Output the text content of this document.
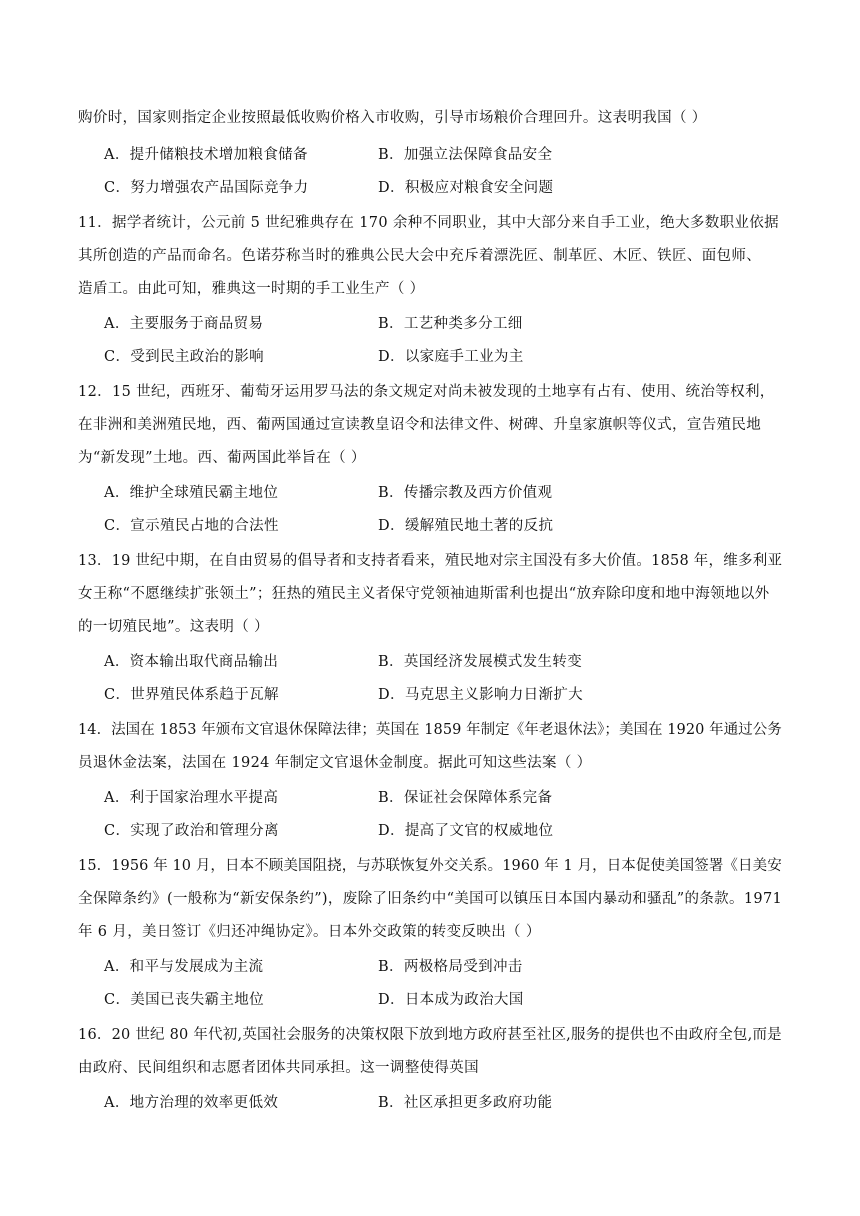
购价时，国家则指定企业按照最低收购价格入市收购，引导市场粮价合理回升。这表明我国（ ）
A．提升储粮技术增加粮食储备	B．加强立法保障食品安全
C．努力增强农产品国际竞争力	D．积极应对粮食安全问题
11．据学者统计，公元前 5 世纪雅典存在 170 余种不同职业，其中大部分来自手工业，绝大多数职业依据
其所创造的产品而命名。色诺芬称当时的雅典公民大会中充斥着漂洗匠、制革匠、木匠、铁匠、面包师、
造盾工。由此可知，雅典这一时期的手工业生产（ ）
A．主要服务于商品贸易	B．工艺种类多分工细
C．受到民主政治的影响	D．以家庭手工业为主
12．15 世纪，西班牙、葡萄牙运用罗马法的条文规定对尚未被发现的土地享有占有、使用、统治等权利，
在非洲和美洲殖民地，西、葡两国通过宣读教皇诏令和法律文件、树碑、升皇家旗帜等仪式，宣告殖民地
为“新发现”土地。西、葡两国此举旨在（ ）
A．维护全球殖民霸主地位	B．传播宗教及西方价值观
C．宣示殖民占地的合法性	D．缓解殖民地土著的反抗
13．19 世纪中期，在自由贸易的倡导者和支持者看来，殖民地对宗主国没有多大价值。1858 年，维多利亚
女王称“不愿继续扩张领土”；狂热的殖民主义者保守党领袖迪斯雷利也提出“放弃除印度和地中海领地以外
的一切殖民地”。这表明（ ）
A．资本输出取代商品输出	B．英国经济发展模式发生转变
C．世界殖民体系趋于瓦解	D．马克思主义影响力日渐扩大
14．法国在 1853 年颁布文官退休保障法律；英国在 1859 年制定《年老退休法》；美国在 1920 年通过公务
员退休金法案，法国在 1924 年制定文官退休金制度。据此可知这些法案（ ）
A．利于国家治理水平提高	B．保证社会保障体系完备
C．实现了政治和管理分离	D．提高了文官的权威地位
15．1956 年 10 月，日本不顾美国阻挠，与苏联恢复外交关系。1960 年 1 月，日本促使美国签署《日美安
全保障条约》(一般称为“新安保条约”)，废除了旧条约中“美国可以镇压日本国内暴动和骚乱”的条款。1971
年 6 月，美日签订《归还冲绳协定》。日本外交政策的转变反映出（ ）
A．和平与发展成为主流	B．两极格局受到冲击
C．美国已丧失霸主地位	D．日本成为政治大国
16．20 世纪 80 年代初,英国社会服务的决策权限下放到地方政府甚至社区,服务的提供也不由政府全包,而是
由政府、民间组织和志愿者团体共同承担。这一调整使得英国
A．地方治理的效率更低效	B．社区承担更多政府功能
